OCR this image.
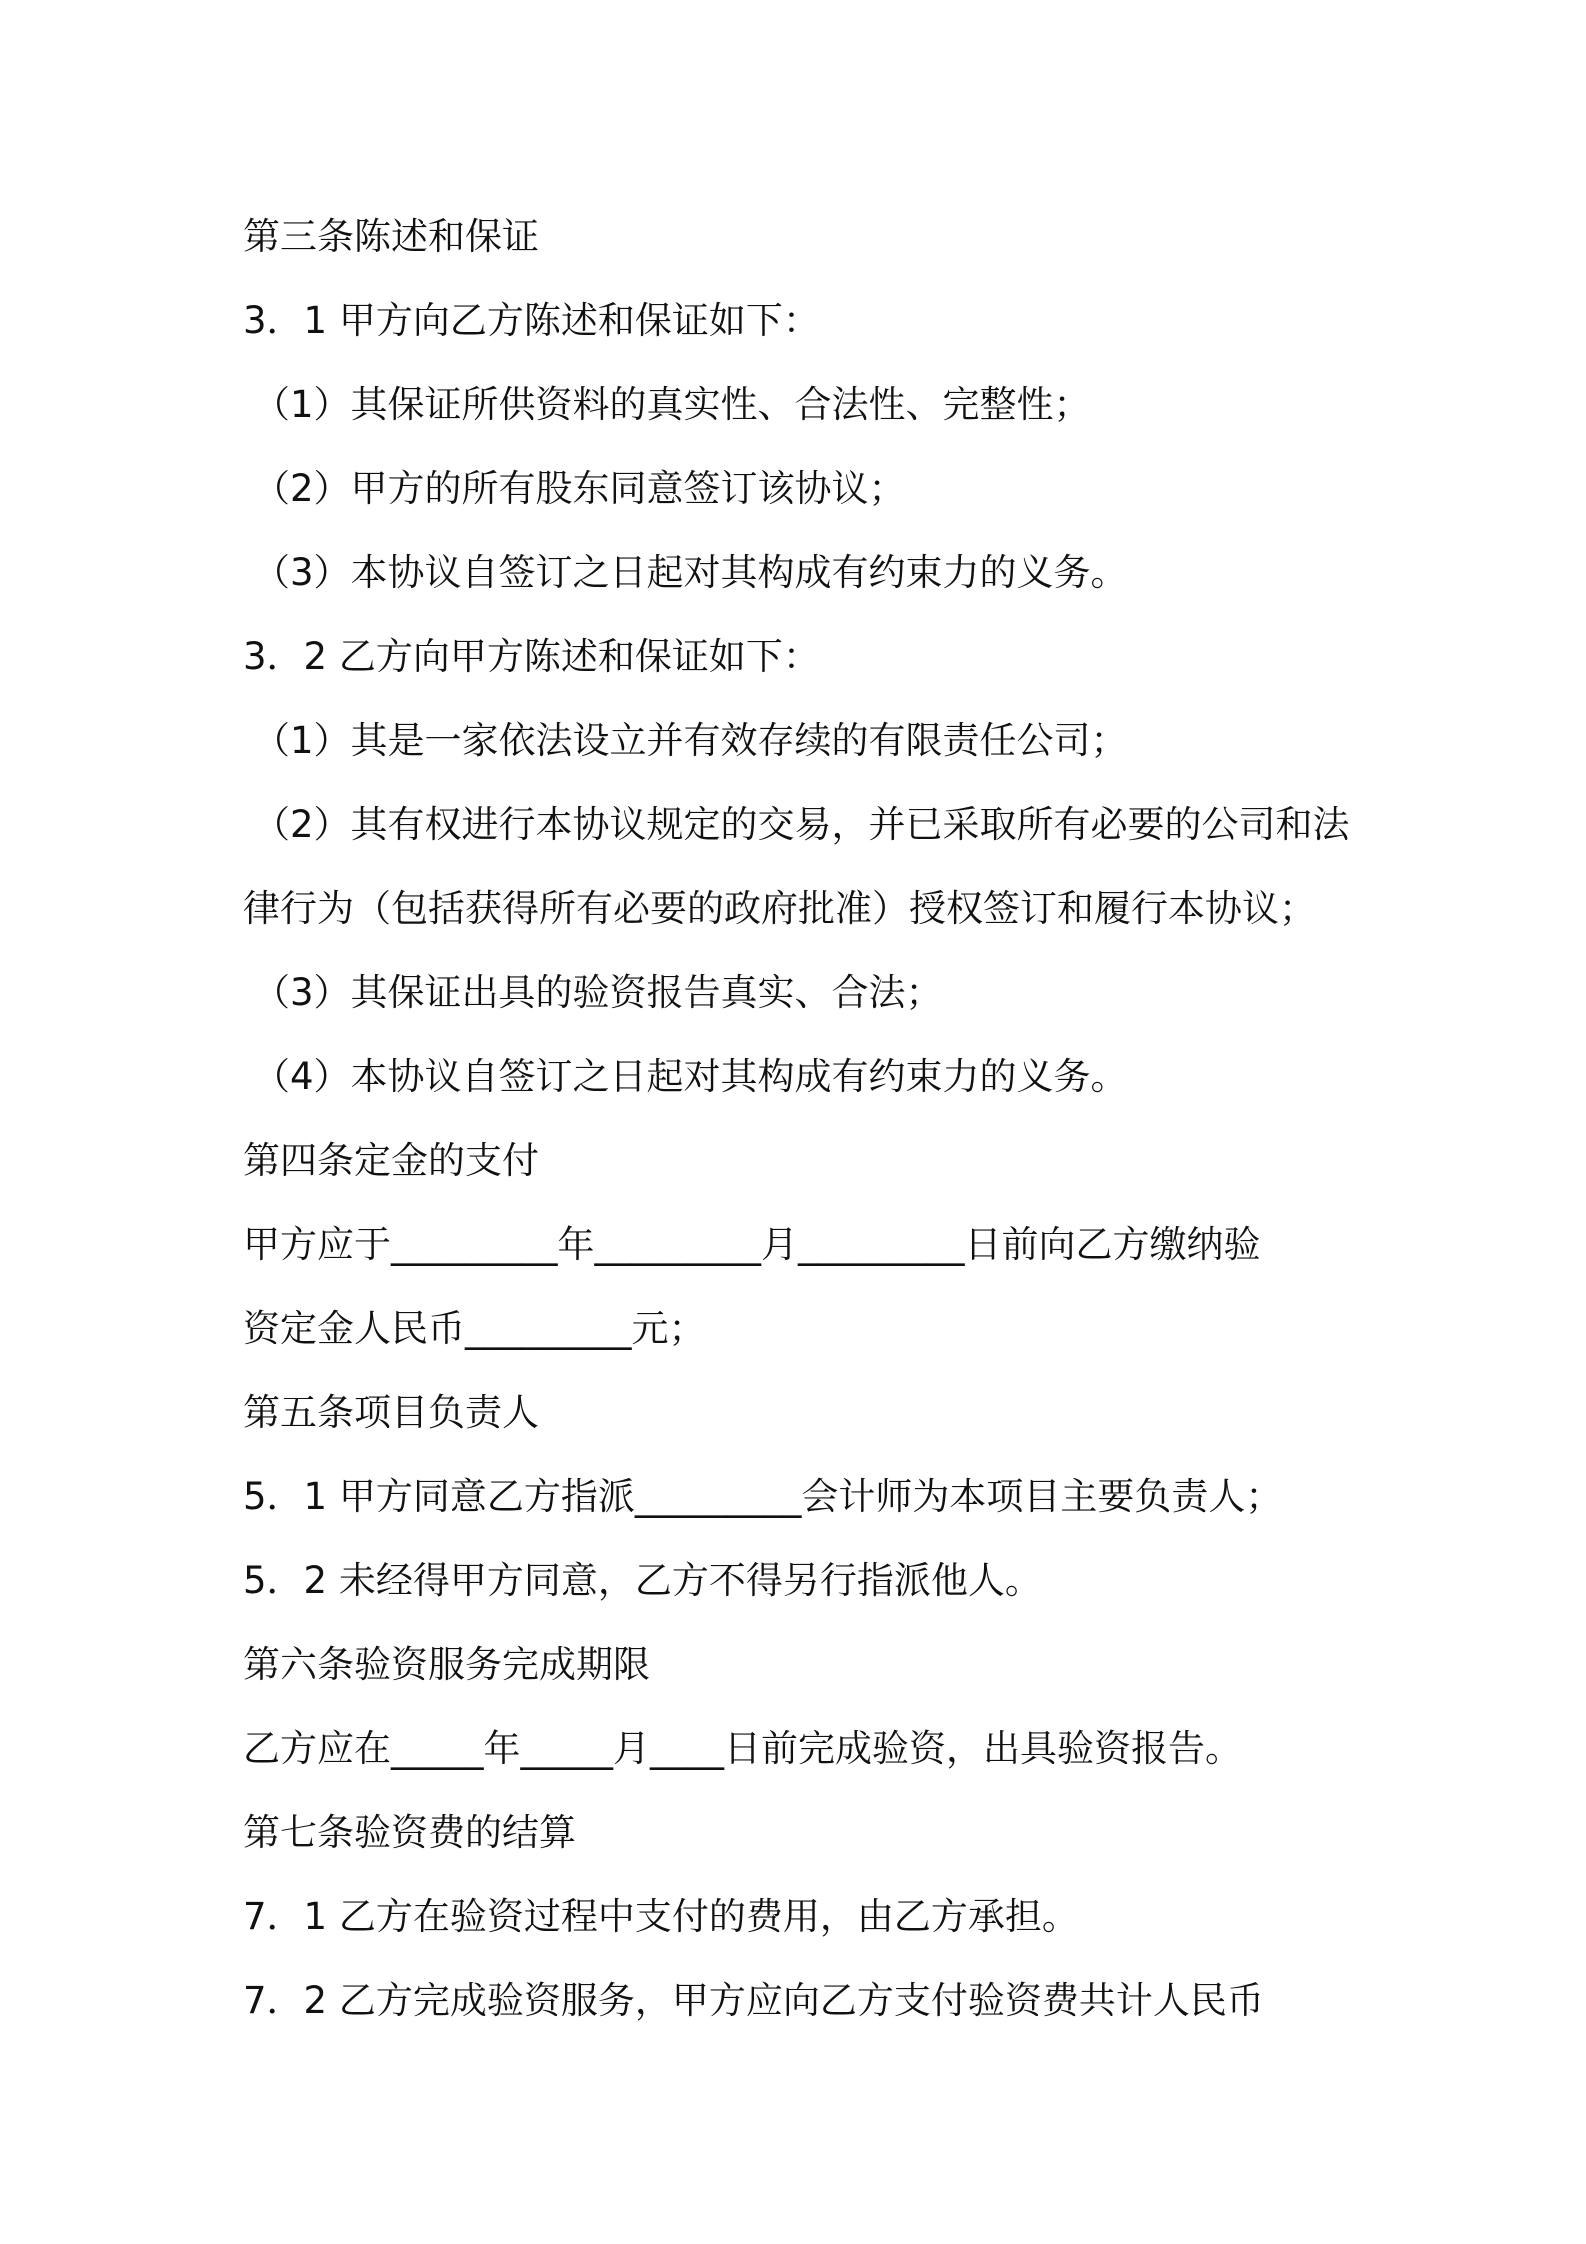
第三条陈述和保证
3．1 甲方向乙方陈述和保证如下：
（1）其保证所供资料的真实性、合法性、完整性；
（2）甲方的所有股东同意签订该协议；
（3）本协议自签订之日起对其构成有约束力的义务。
3．2 乙方向甲方陈述和保证如下：
（1）其是一家依法设立并有效存续的有限责任公司；
（2）其有权进行本协议规定的交易，并已采取所有必要的公司和法
律行为（包括获得所有必要的政府批准）授权签订和履行本协议；
（3）其保证出具的验资报告真实、合法；
（4）本协议自签订之日起对其构成有约束力的义务。
第四条定金的支付
甲方应于_________年_________月_________日前向乙方缴纳验
资定金人民币_________元；
第五条项目负责人
5．1 甲方同意乙方指派_________会计师为本项目主要负责人；
5．2 未经得甲方同意，乙方不得另行指派他人。
第六条验资服务完成期限
乙方应在_____年_____月____日前完成验资，出具验资报告。
第七条验资费的结算
7．1 乙方在验资过程中支付的费用，由乙方承担。
7．2 乙方完成验资服务，甲方应向乙方支付验资费共计人民币
